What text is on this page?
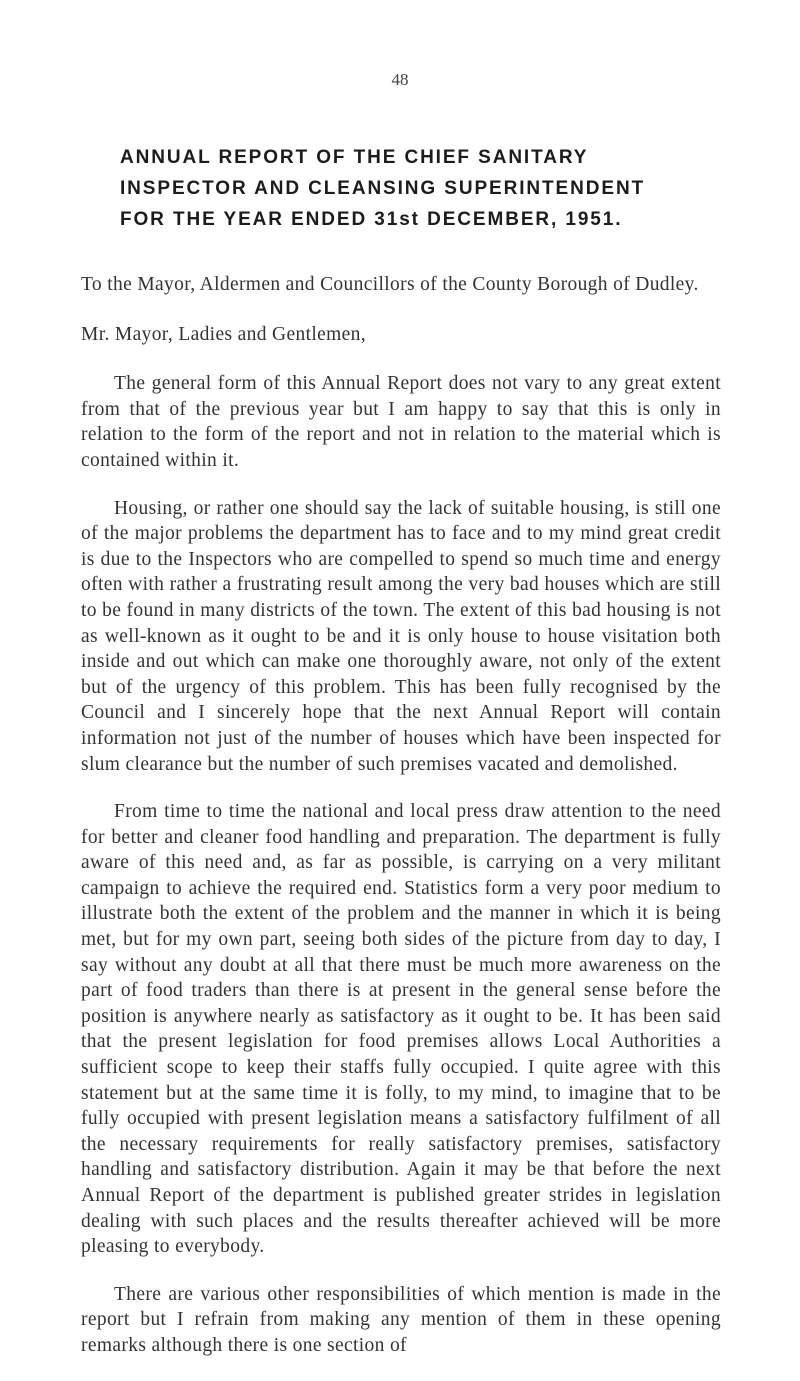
48
ANNUAL REPORT OF THE CHIEF SANITARY
INSPECTOR AND CLEANSING SUPERINTENDENT
FOR THE YEAR ENDED 31st DECEMBER, 1951.

To the Mayor, Aldermen and Councillors of the County Borough of Dudley.

Mr. Mayor, Ladies and Gentlemen,

The general form of this Annual Report does not vary to any great extent from that of the previous year but I am happy to say that this is only in relation to the form of the report and not in relation to the material which is contained within it.

Housing, or rather one should say the lack of suitable housing, is still one of the major problems the department has to face and to my mind great credit is due to the Inspectors who are compelled to spend so much time and energy often with rather a frustrating result among the very bad houses which are still to be found in many districts of the town. The extent of this bad housing is not as well-known as it ought to be and it is only house to house visitation both inside and out which can make one thoroughly aware, not only of the extent but of the urgency of this problem. This has been fully recognised by the Council and I sincerely hope that the next Annual Report will contain information not just of the number of houses which have been inspected for slum clearance but the number of such premises vacated and demolished.

From time to time the national and local press draw attention to the need for better and cleaner food handling and preparation. The department is fully aware of this need and, as far as possible, is carrying on a very militant campaign to achieve the required end. Statistics form a very poor medium to illustrate both the extent of the problem and the manner in which it is being met, but for my own part, seeing both sides of the picture from day to day, I say without any doubt at all that there must be much more awareness on the part of food traders than there is at present in the general sense before the position is anywhere nearly as satisfactory as it ought to be. It has been said that the present legislation for food premises allows Local Authorities a sufficient scope to keep their staffs fully occupied. I quite agree with this statement but at the same time it is folly, to my mind, to imagine that to be fully occupied with present legislation means a satisfactory fulfilment of all the necessary requirements for really satisfactory premises, satisfactory handling and satisfactory distribution. Again it may be that before the next Annual Report of the department is published greater strides in legislation dealing with such places and the results thereafter achieved will be more pleasing to everybody.

There are various other responsibilities of which mention is made in the report but I refrain from making any mention of them in these opening remarks although there is one section of
